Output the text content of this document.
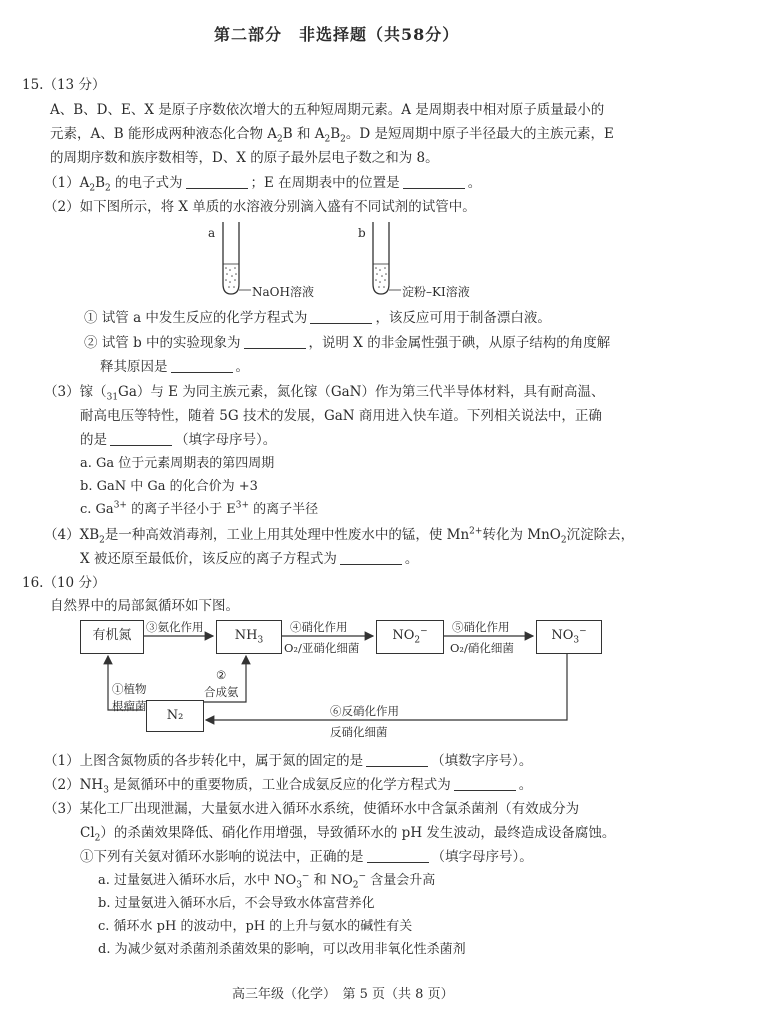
第二部分　非选择题（共58分）
15.（13 分）
A、B、D、E、X 是原子序数依次增大的五种短周期元素。A 是周期表中相对原子质量最小的
元素，A、B 能形成两种液态化合物 $A_2B$ 和 $A_2B_2$。D 是短周期中原子半径最大的主族元素，E
的周期序数和族序数相等，D、X 的原子最外层电子数之和为 8。
$(1)A_2B_2$ 的电子式为	；E 在周期表中的位置是	。
（2）如下图所示，将 X 单质的水溶液分别滴入盛有不同试剂的试管中。
a	b
NaOH溶液	淀粉–KI溶液
① 试管 a 中发生反应的化学方程式为	，该反应可用于制备漂白液。
② 试管 b 中的实验现象为	，说明 X 的非金属性强于碘，从原子结构的角度解
释其原因是	。
（3）镓$(_{31}Ga)$与 E 为同主族元素，氮化镓（GaN）作为第三代半导体材料，具有耐高温、
耐高电压等特性，随着 5G 技术的发展，GaN 商用进入快车道。下列相关说法中，正确
的是	（填字母序号）。
a. Ga 位于元素周期表的第四周期
b. GaN 中 Ga 的化合价为 +3
c. $Ga^{3+}$ 的离子半径小于 $E^{3+}$ 的离子半径
$(4)XB_2$是一种高效消毒剂，工业上用其处理中性废水中的锰，使 $Mn^{2+}$转化为 MnO$_2$沉淀除去，
X 被还原至最低价，该反应的离子方程式为	。
16.（10 分）
自然界中的局部氮循环如下图。
有机氮	$NH_3$	$NO_2^-$	$NO_3^-$
N₂
③氨化作用	④硝化作用
O₂/亚硝化细菌
⑤硝化作用
O₂/硝化细菌
①植物
根瘤菌
②
合成氨
⑥反硝化作用
反硝化细菌
（1）上图含氮物质的各步转化中，属于氮的固定的是	（填数字序号）。
$(2)NH_3$ 是氮循环中的重要物质，工业合成氨反应的化学方程式为	。
（3）某化工厂出现泄漏，大量氨水进入循环水系统，使循环水中含氯杀菌剂（有效成分为
$Cl_2$）的杀菌效果降低、硝化作用增强，导致循环水的 pH 发生波动，最终造成设备腐蚀。
①下列有关氨对循环水影响的说法中，正确的是	（填字母序号）。
a. 过量氨进入循环水后，水中 $NO_3^-$ 和 $NO_2^-$ 含量会升高
b. 过量氨进入循环水后，不会导致水体富营养化
c. 循环水 pH 的波动中，pH 的上升与氨水的碱性有关
d. 为减少氨对杀菌剂杀菌效果的影响，可以改用非氧化性杀菌剂
高三年级（化学）　第 5 页（共 8 页）
